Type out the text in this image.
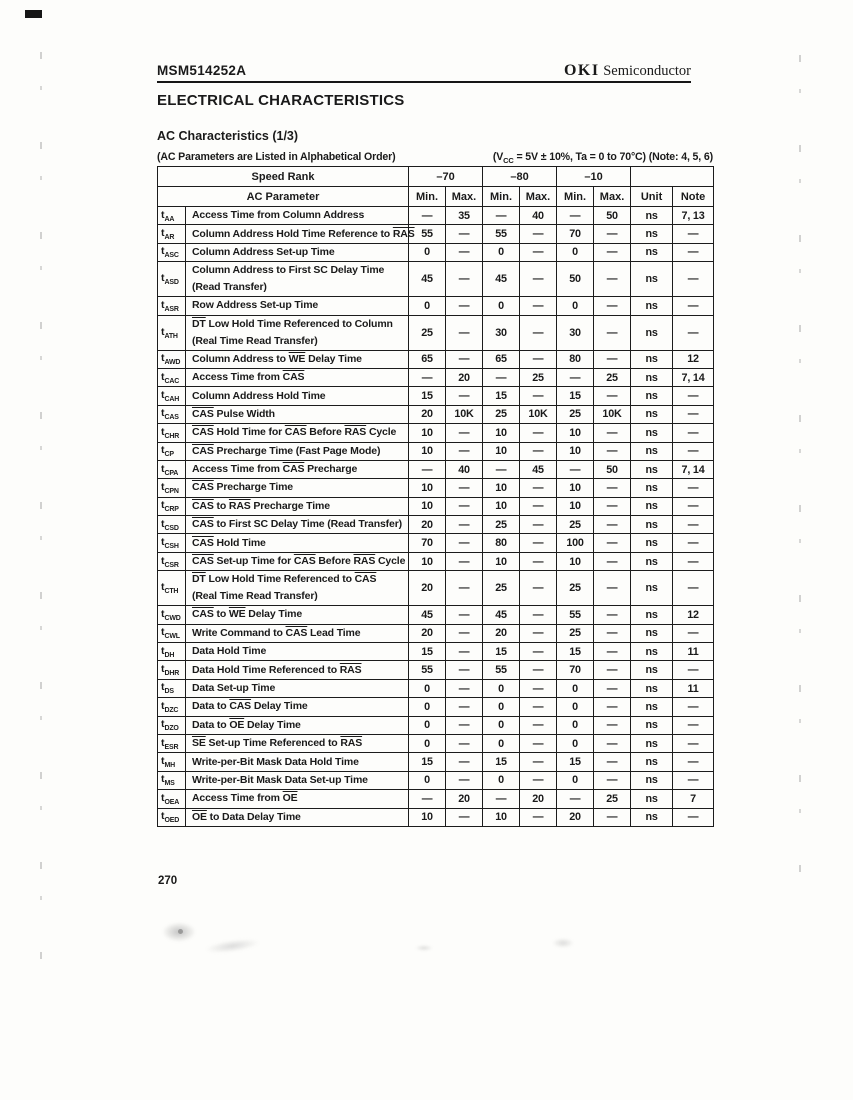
MSM514252A	OKI Semiconductor
ELECTRICAL CHARACTERISTICS
AC Characteristics (1/3)
(AC Parameters are Listed in Alphabetical Order)	($V_{CC} = 5V \pm 10\%$, Ta = 0 to 70°C) (Note: 4, 5, 6)
Speed Rank		–70		–80		–10			
AC Parameter		Min.	Max.	Min.	Max.	Min.	Max.	Unit	Note
$t_{AA}$	Access Time from Column Address	—	35	—	40	—	50	ns	7, 13
$t_{AR}$	Column Address Hold Time Reference to $\overline{RAS}$	55	—	55	—	70	—	ns	—
$t_{ASC}$	Column Address Set-up Time	0	—	0	—	0	—	ns	—
$t_{ASD}$	Column Address to First SC Delay Time
(Read Transfer)	45	—	45	—	50	—	ns	—
$t_{ASR}$	Row Address Set-up Time	0	—	0	—	0	—	ns	—
$t_{ATH}$	$\overline{DT}$ Low Hold Time Referenced to Column
(Real Time Read Transfer)	25	—	30	—	30	—	ns	—
$t_{AWD}$	Column Address to $\overline{WE}$ Delay Time	65	—	65	—	80	—	ns	12
$t_{CAC}$	Access Time from $\overline{CAS}$	—	20	—	25	—	25	ns	7, 14
$t_{CAH}$	Column Address Hold Time	15	—	15	—	15	—	ns	—
$t_{CAS}$	$\overline{CAS}$ Pulse Width	20	10K	25	10K	25	10K	ns	—
$t_{CHR}$	$\overline{CAS}$ Hold Time for $\overline{CAS}$ Before $\overline{RAS}$ Cycle	10	—	10	—	10	—	ns	—
$t_{CP}$	$\overline{CAS}$ Precharge Time (Fast Page Mode)	10	—	10	—	10	—	ns	—
$t_{CPA}$	Access Time from $\overline{CAS}$ Precharge	—	40	—	45	—	50	ns	7, 14
$t_{CPN}$	$\overline{CAS}$ Precharge Time	10	—	10	—	10	—	ns	—
$t_{CRP}$	$\overline{CAS}$ to $\overline{RAS}$ Precharge Time	10	—	10	—	10	—	ns	—
$t_{CSD}$	$\overline{CAS}$ to First SC Delay Time (Read Transfer)	20	—	25	—	25	—	ns	—
$t_{CSH}$	$\overline{CAS}$ Hold Time	70	—	80	—	100	—	ns	—
$t_{CSR}$	$\overline{CAS}$ Set-up Time for $\overline{CAS}$ Before $\overline{RAS}$ Cycle	10	—	10	—	10	—	ns	—
$t_{CTH}$	$\overline{DT}$ Low Hold Time Referenced to $\overline{CAS}$
(Real Time Read Transfer)	20	—	25	—	25	—	ns	—
$t_{CWD}$	$\overline{CAS}$ to $\overline{WE}$ Delay Time	45	—	45	—	55	—	ns	12
$t_{CWL}$	Write Command to $\overline{CAS}$ Lead Time	20	—	20	—	25	—	ns	—
$t_{DH}$	Data Hold Time	15	—	15	—	15	—	ns	11
$t_{DHR}$	Data Hold Time Referenced to $\overline{RAS}$	55	—	55	—	70	—	ns	—
$t_{DS}$	Data Set-up Time	0	—	0	—	0	—	ns	11
$t_{DZC}$	Data to $\overline{CAS}$ Delay Time	0	—	0	—	0	—	ns	—
$t_{DZO}$	Data to $\overline{OE}$ Delay Time	0	—	0	—	0	—	ns	—
$t_{ESR}$	$\overline{SE}$ Set-up Time Referenced to $\overline{RAS}$	0	—	0	—	0	—	ns	—
$t_{MH}$	Write-per-Bit Mask Data Hold Time	15	—	15	—	15	—	ns	—
$t_{MS}$	Write-per-Bit Mask Data Set-up Time	0	—	0	—	0	—	ns	—
$t_{OEA}$	Access Time from $\overline{OE}$	—	20	—	20	—	25	ns	7
$t_{OED}$	$\overline{OE}$ to Data Delay Time	10	—	10	—	20	—	ns	—
270
